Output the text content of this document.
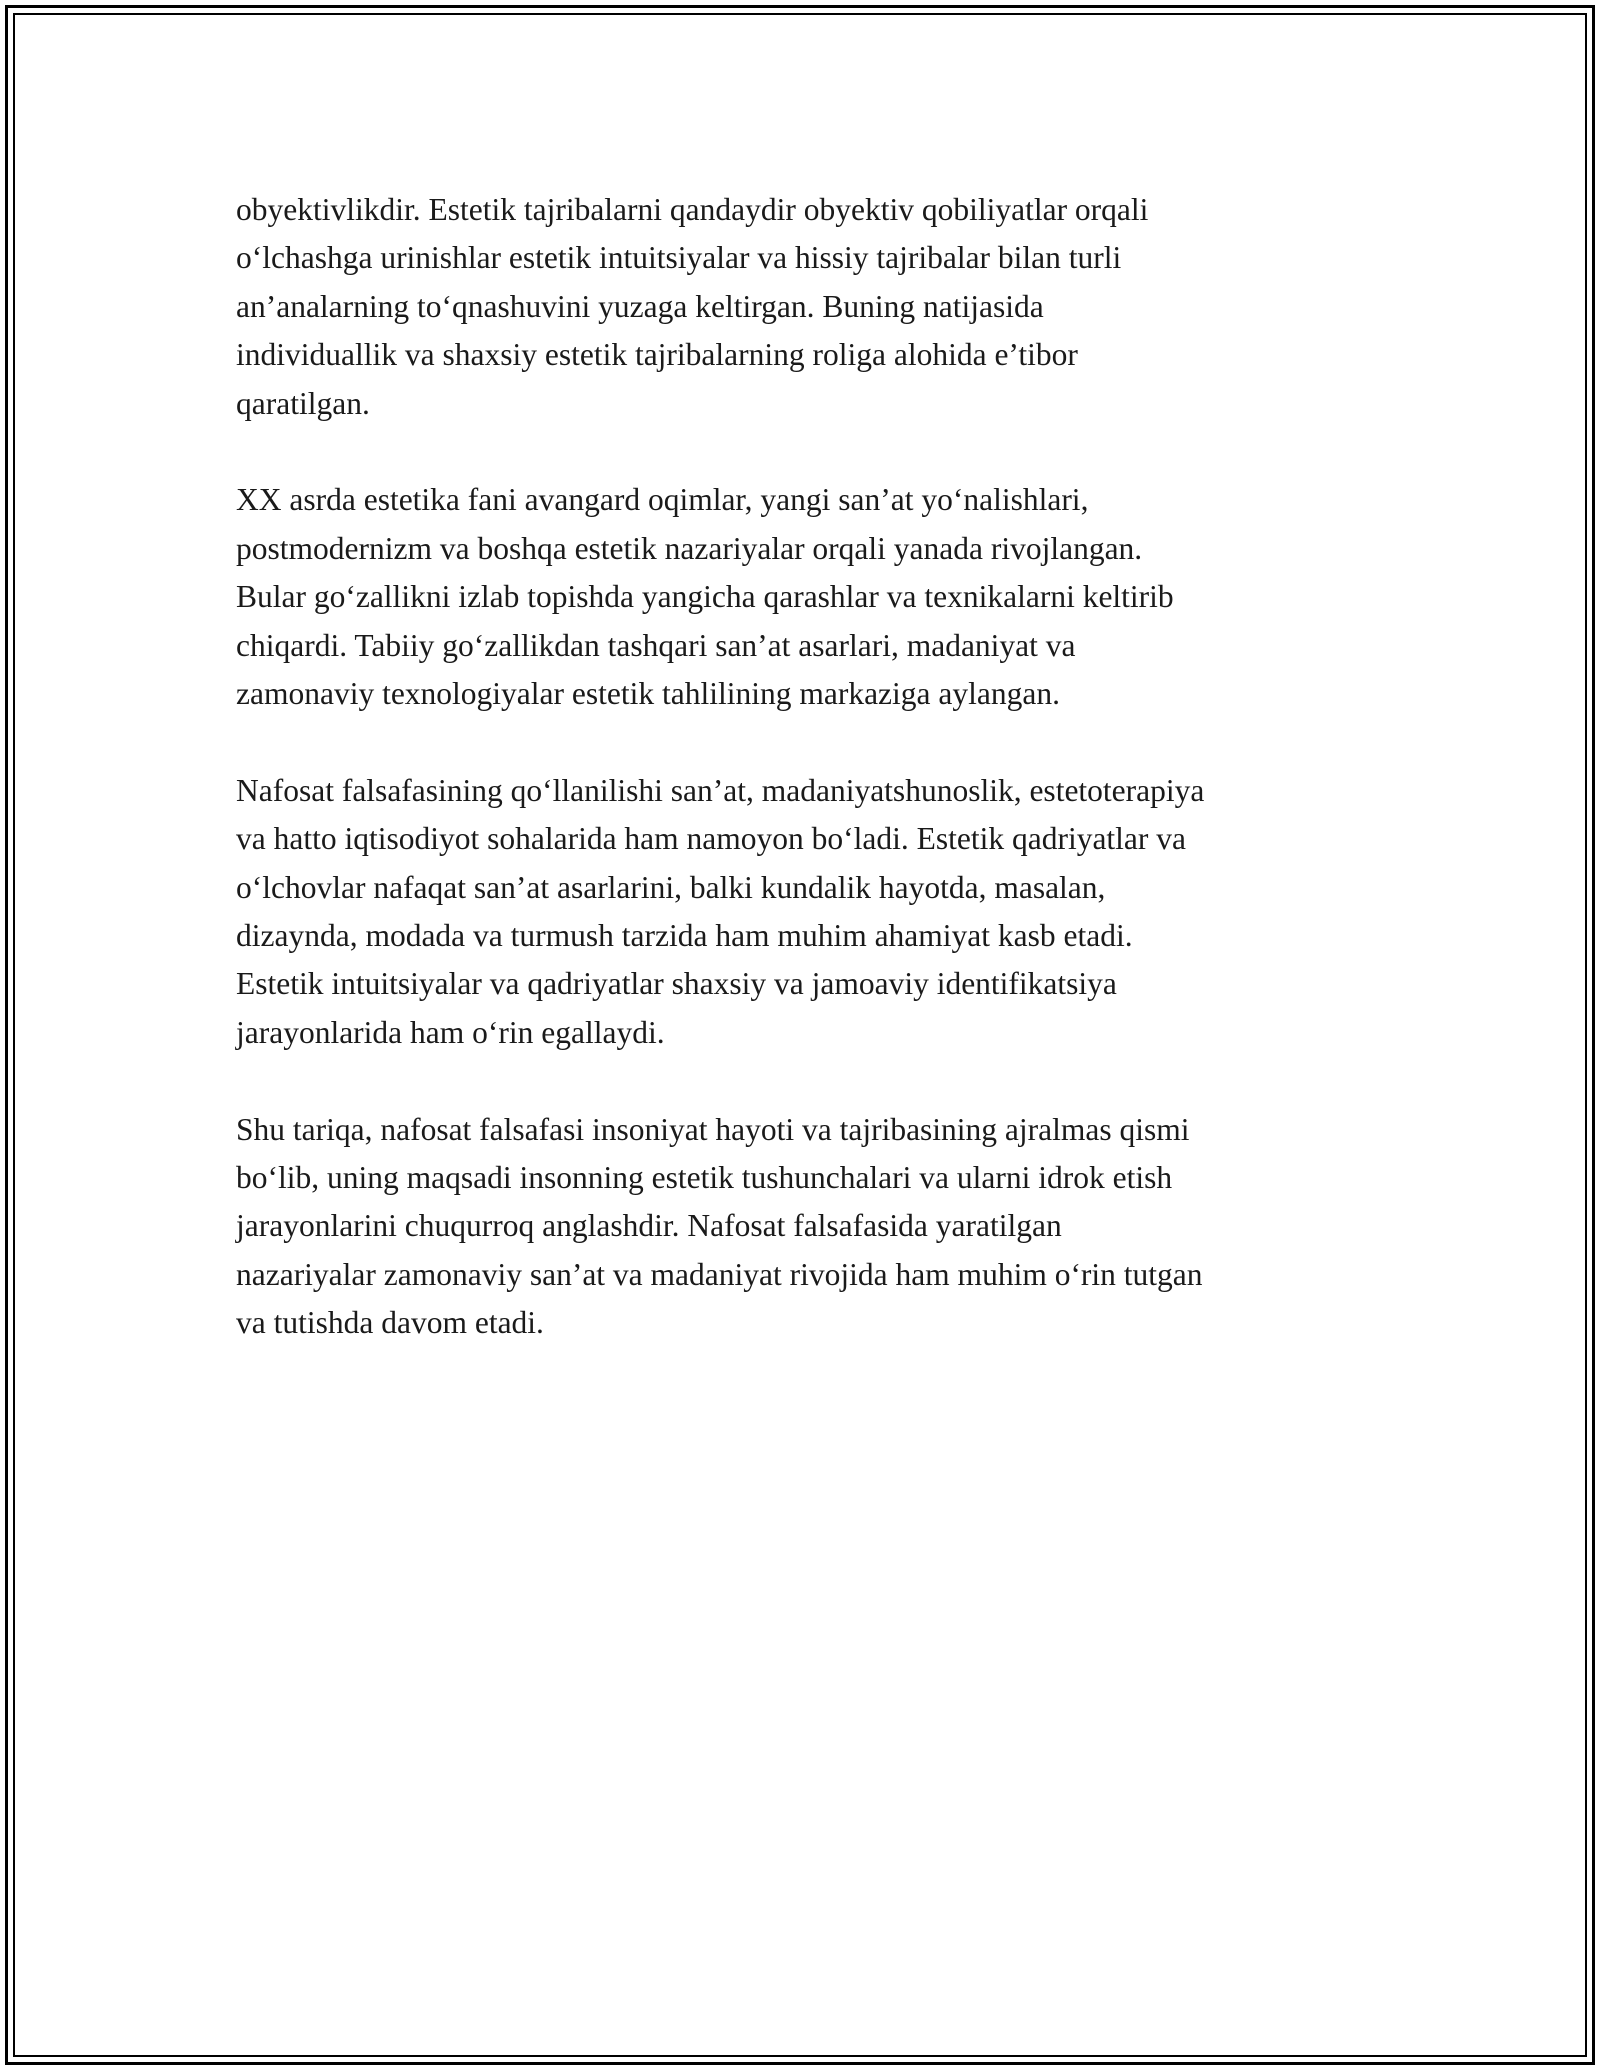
obyektivlikdir. Estetik tajribalarni qandaydir obyektiv qobiliyatlar orqali
o‘lchashga urinishlar estetik intuitsiyalar va hissiy tajribalar bilan turli
an’analarning to‘qnashuvini yuzaga keltirgan. Buning natijasida
individuallik va shaxsiy estetik tajribalarning roliga alohida e’tibor
qaratilgan.

XX asrda estetika fani avangard oqimlar, yangi san’at yo‘nalishlari,
postmodernizm va boshqa estetik nazariyalar orqali yanada rivojlangan.
Bular go‘zallikni izlab topishda yangicha qarashlar va texnikalarni keltirib
chiqardi. Tabiiy go‘zallikdan tashqari san’at asarlari, madaniyat va
zamonaviy texnologiyalar estetik tahlilining markaziga aylangan.

Nafosat falsafasining qo‘llanilishi san’at, madaniyatshunoslik, estetoterapiya
va hatto iqtisodiyot sohalarida ham namoyon bo‘ladi. Estetik qadriyatlar va
o‘lchovlar nafaqat san’at asarlarini, balki kundalik hayotda, masalan,
dizaynda, modada va turmush tarzida ham muhim ahamiyat kasb etadi.
Estetik intuitsiyalar va qadriyatlar shaxsiy va jamoaviy identifikatsiya
jarayonlarida ham o‘rin egallaydi.

Shu tariqa, nafosat falsafasi insoniyat hayoti va tajribasining ajralmas qismi
bo‘lib, uning maqsadi insonning estetik tushunchalari va ularni idrok etish
jarayonlarini chuqurroq anglashdir. Nafosat falsafasida yaratilgan
nazariyalar zamonaviy san’at va madaniyat rivojida ham muhim o‘rin tutgan
va tutishda davom etadi.
